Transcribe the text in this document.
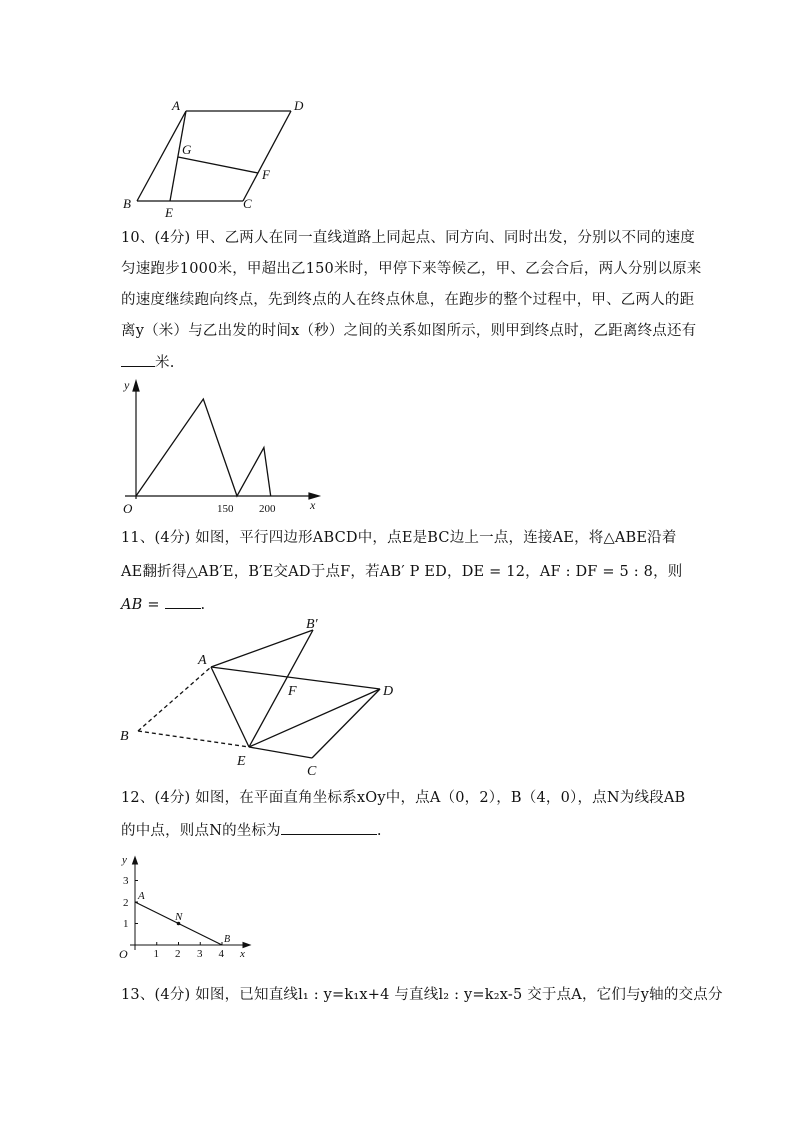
A	D
G
F
B
E
C
10、(4分) 甲、乙两人在同一直线道路上同起点、同方向、同时出发，分别以不同的速度
匀速跑步1000米，甲超出乙150米时，甲停下来等候乙，甲、乙会合后，两人分别以原来
的速度继续跑向终点，先到终点的人在终点休息，在跑步的整个过程中，甲、乙两人的距
离y（米）与乙出发的时间x（秒）之间的关系如图所示，则甲到终点时，乙距离终点还有
米.
y
x
O	150 200
11、(4分) 如图，平行四边形ABCD中，点E是BC边上一点，连接AE，将△ABE沿着
AE翻折得△AB′E，B′E交AD于点F，若AB′ P ED，DE = 12，AF : DF = 5 : 8，则
AB =	.
B′
A
F	D
B
E
C
12、(4分) 如图，在平面直角坐标系xOy中，点A（0，2），B（4，0），点N为线段AB
的中点，则点N的坐标为	.
y
x
O
3
2
1
1 2 3 4
A
N
B
13、(4分) 如图，已知直线l₁ : y=k₁x+4 与直线l₂ : y=k₂x-5 交于点A，它们与y轴的交点分
